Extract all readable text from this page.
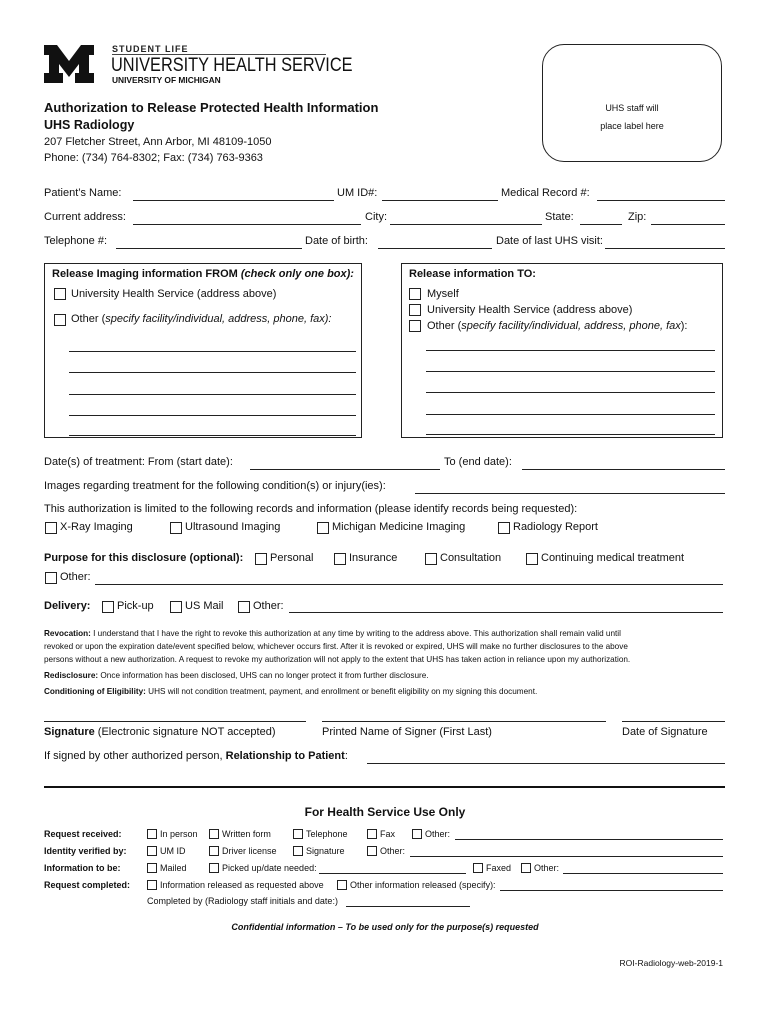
STUDENT LIFE
UNIVERSITY HEALTH SERVICE
UNIVERSITY OF MICHIGAN
Authorization to Release Protected Health Information
UHS Radiology
207 Fletcher Street, Ann Arbor, MI 48109-1050
Phone: (734) 764-8302; Fax: (734) 763-9363
UHS staff will
place label here
Patient’s Name:	UM ID#:	Medical Record #:
Current address:	City:	State:	Zip:
Telephone #:	Date of birth:	Date of last UHS visit:
Release Imaging information FROM (check only one box):
University Health Service (address above)
Other (specify facility/individual, address, phone, fax):
Release information TO:
Myself
University Health Service (address above)
Other (specify facility/individual, address, phone, fax):
Date(s) of treatment: From (start date):	To (end date):
Images regarding treatment for the following condition(s) or injury(ies):
This authorization is limited to the following records and information (please identify records being requested):
X-Ray Imaging	Ultrasound Imaging	Michigan Medicine Imaging	Radiology Report
Purpose for this disclosure (optional): Personal	Insurance	Consultation	Continuing medical treatment
Other:
Delivery: Pick-up	US Mail	Other:
Revocation: I understand that I have the right to revoke this authorization at any time by writing to the address above. This authorization shall remain valid until
revoked or upon the expiration date/event specified below, whichever occurs first. After it is revoked or expired, UHS will make no further disclosures to the above
persons without a new authorization. A request to revoke my authorization will not apply to the extent that UHS has taken action in reliance upon my authorization.
Redisclosure: Once information has been disclosed, UHS can no longer protect it from further disclosure.
Conditioning of Eligibility: UHS will not condition treatment, payment, and enrollment or benefit eligibility on my signing this document.
Signature (Electronic signature NOT accepted)	Printed Name of Signer (First Last)	Date of Signature
If signed by other authorized person, Relationship to Patient:
For Health Service Use Only
Request received:	In person	Written form	Telephone	Fax	Other:
Identity verified by:	UM ID	Driver license	Signature	Other:
Information to be:	Mailed	Picked up/date needed:	Faxed	Other:
Request completed:	Information released as requested above	Other information released (specify):
Completed by (Radiology staff initials and date:)
Confidential information – To be used only for the purpose(s) requested
ROI-Radiology-web-2019-1
